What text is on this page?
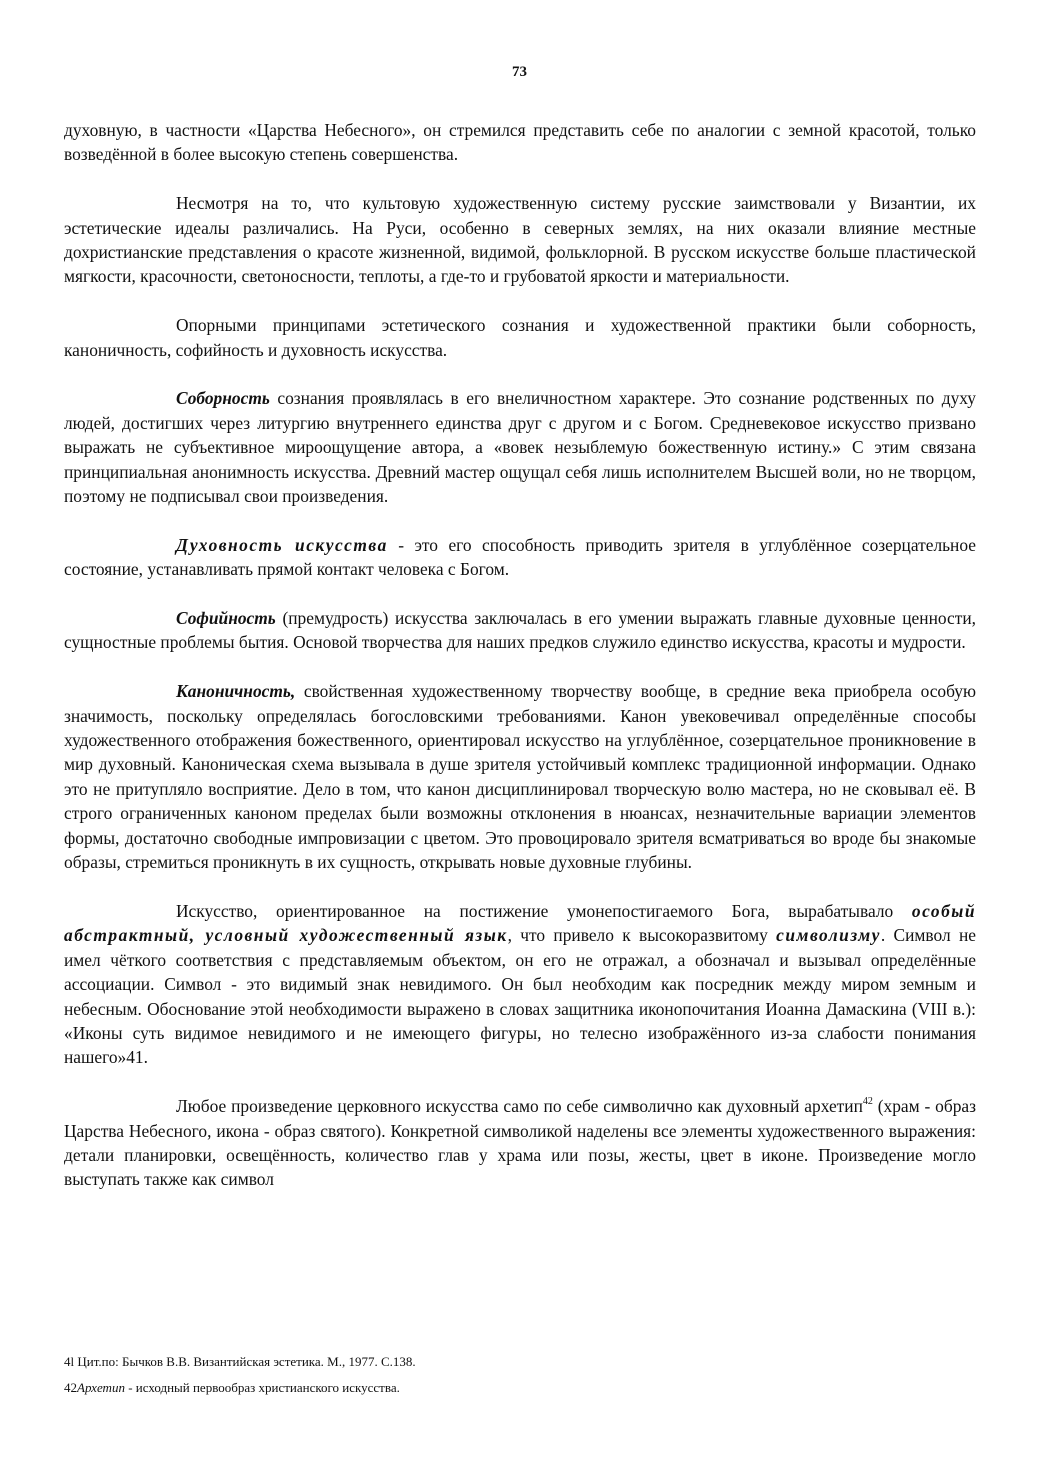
73

духовную, в частности «Царства Небесного», он стремился представить себе по аналогии с земной красотой, только возведённой в более высокую степень совершенства.

Несмотря на то, что культовую художественную систему русские заимствовали у Византии, их эстетические идеалы различались. На Руси, особенно в северных землях, на них оказали влияние местные дохристианские представления о красоте жизненной, видимой, фольклорной. В русском искусстве больше пластической мягкости, красочности, светоносности, теплоты, а где-то и грубоватой яркости и материальности.

Опорными принципами эстетического сознания и художественной практики были соборность, каноничность, софийность и духовность искусства.

Соборность сознания проявлялась в его внеличностном характере. Это сознание родственных по духу людей, достигших через литургию внутреннего единства друг с другом и с Богом. Средневековое искусство призвано выражать не субъективное мироощущение автора, а «вовек незыблемую божественную истину.» С этим связана принципиальная анонимность искусства. Древний мастер ощущал себя лишь исполнителем Высшей воли, но не творцом, поэтому не подписывал свои произведения.

Духовность искусства - это его способность приводить зрителя в углублённое созерцательное состояние, устанавливать прямой контакт человека с Богом.

Софийность (премудрость) искусства заключалась в его умении выражать главные духовные ценности, сущностные проблемы бытия. Основой творчества для наших предков служило единство искусства, красоты и мудрости.

Каноничность, свойственная художественному творчеству вообще, в средние века приобрела особую значимость, поскольку определялась богословскими требованиями. Канон увековечивал определённые способы художественного отображения божественного, ориентировал искусство на углублённое, созерцательное проникновение в мир духовный. Каноническая схема вызывала в душе зрителя устойчивый комплекс традиционной информации. Однако это не притупляло восприятие. Дело в том, что канон дисциплинировал творческую волю мастера, но не сковывал её. В строго ограниченных каноном пределах были возможны отклонения в нюансах, незначительные вариации элементов формы, достаточно свободные импровизации с цветом. Это провоцировало зрителя всматриваться во вроде бы знакомые образы, стремиться проникнуть в их сущность, открывать новые духовные глубины.

Искусство, ориентированное на постижение умонепостигаемого Бога, вырабатывало особый абстрактный, условный художественный язык, что привело к высокоразвитому символизму. Символ не имел чёткого соответствия с представляемым объектом, он его не отражал, а обозначал и вызывал определённые ассоциации. Символ - это видимый знак невидимого. Он был необходим как посредник между миром земным и небесным. Обоснование этой необходимости выражено в словах защитника иконопочитания Иоанна Дамаскина (VIII в.): «Иконы суть видимое невидимого и не имеющего фигуры, но телесно изображённого из-за слабости понимания нашего»41.

Любое произведение церковного искусства само по себе символично как духовный архетип$^{42}$ (храм - образ Царства Небесного, икона - образ святого). Конкретной символикой наделены все элементы художественного выражения: детали планировки, освещённость, количество глав у храма или позы, жесты, цвет в иконе. Произведение могло выступать также как символ

4l Цит.по: Бычков В.В. Византийская эстетика. М., 1977. С.138.
42Архетип - исходный первообраз христианского искусства.
